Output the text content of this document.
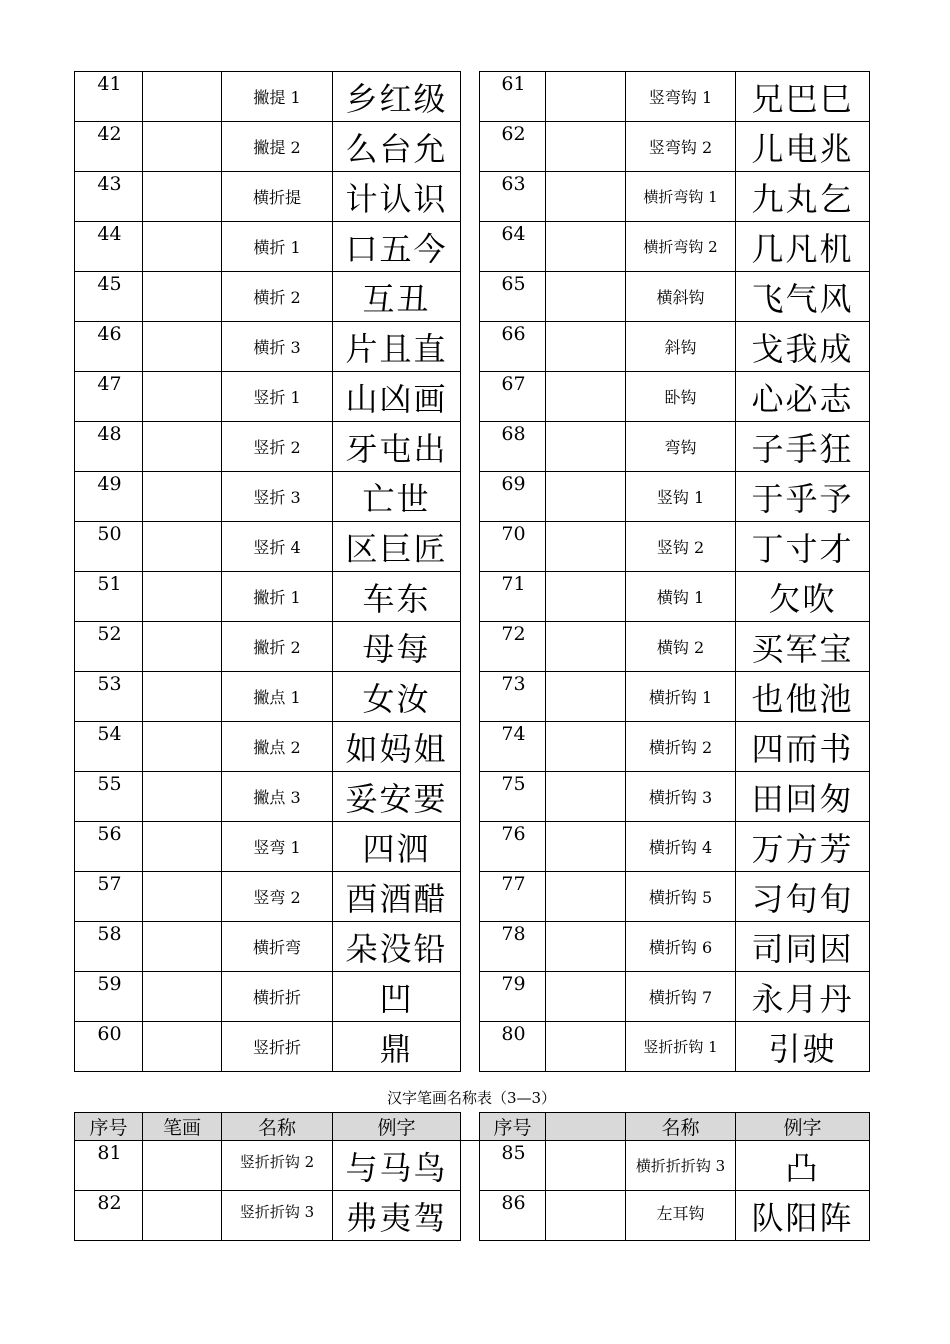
41		撇提 1	乡红级		61		竖弯钩 1	兄巴巳
42		撇提 2	么台允		62		竖弯钩 2	儿电兆
43		横折提	计认识		63		横折弯钩 1	九丸乞
44		横折 1	口五今		64		横折弯钩 2	几凡机
45		横折 2	互丑		65		横斜钩	飞气风
46		横折 3	片且直		66		斜钩	戈我成
47		竖折 1	山凶画		67		卧钩	心必志
48		竖折 2	牙屯出		68		弯钩	子手狂
49		竖折 3	亡世		69		竖钩 1	于乎予
50		竖折 4	区巨匠		70		竖钩 2	丁寸才
51		撇折 1	车东		71		横钩 1	欠吹
52		撇折 2	母每		72		横钩 2	买军宝
53		撇点 1	女汝		73		横折钩 1	也他池
54		撇点 2	如妈姐		74		横折钩 2	四而书
55		撇点 3	妥安要		75		横折钩 3	田回匆
56		竖弯 1	四泗		76		横折钩 4	万方芳
57		竖弯 2	酉酒醋		77		横折钩 5	习句旬
58		横折弯	朵没铅		78		横折钩 6	司同因
59		横折折	凹		79		横折钩 7	永月丹
60		竖折折	鼎		80		竖折折钩 1	引驶
汉字笔画名称表（3—3）
序号	笔画	名称	例字		序号		名称	例字
81		竖折折钩 2	与马鸟		85		横折折折钩 3	凸
82		竖折折钩 3	弗夷驾		86		左耳钩	队阳阵
